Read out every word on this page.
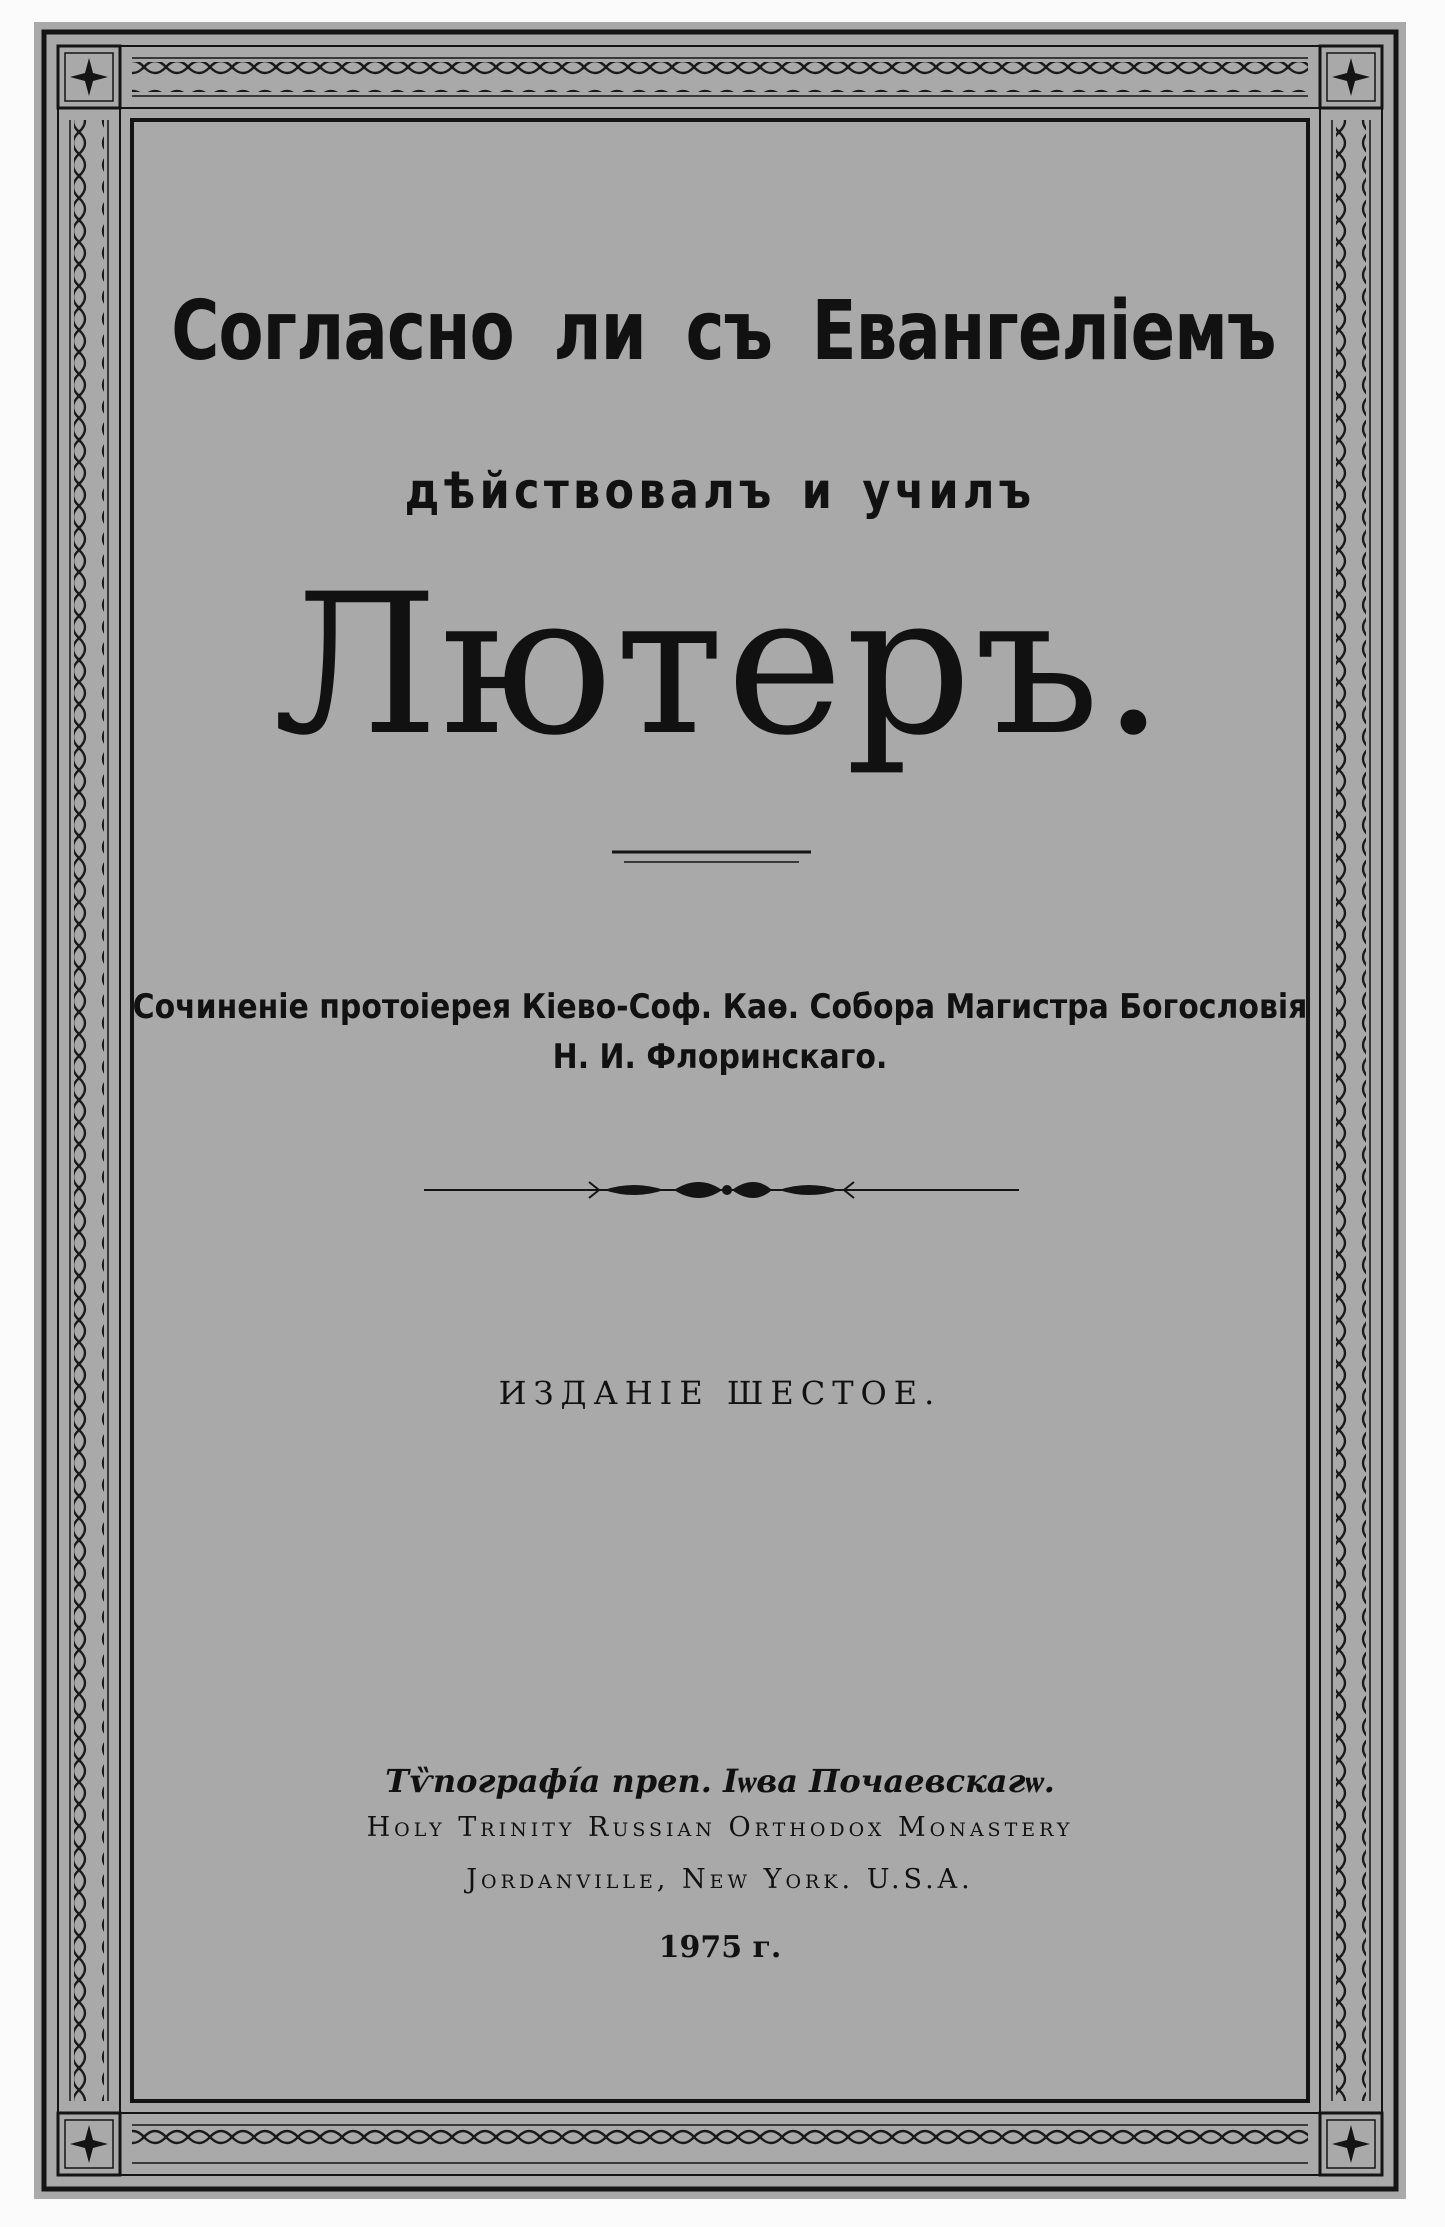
Согласно ли съ Евангеліемъ
дѣйствовалъ и училъ
Лютеръ.
Сочиненіе протоіерея Кіево-Соф. Каѳ. Собора Магистра Богословія
Н. И. Флоринскаго.
ИЗДАНІЕ ШЕСТОЕ.
Тѷпографі́а преп. Іѡва Почаевскагѡ.
Holy Trinity Russian Orthodox Monastery
Jordanville, New York. U.S.A.
1975 г.
